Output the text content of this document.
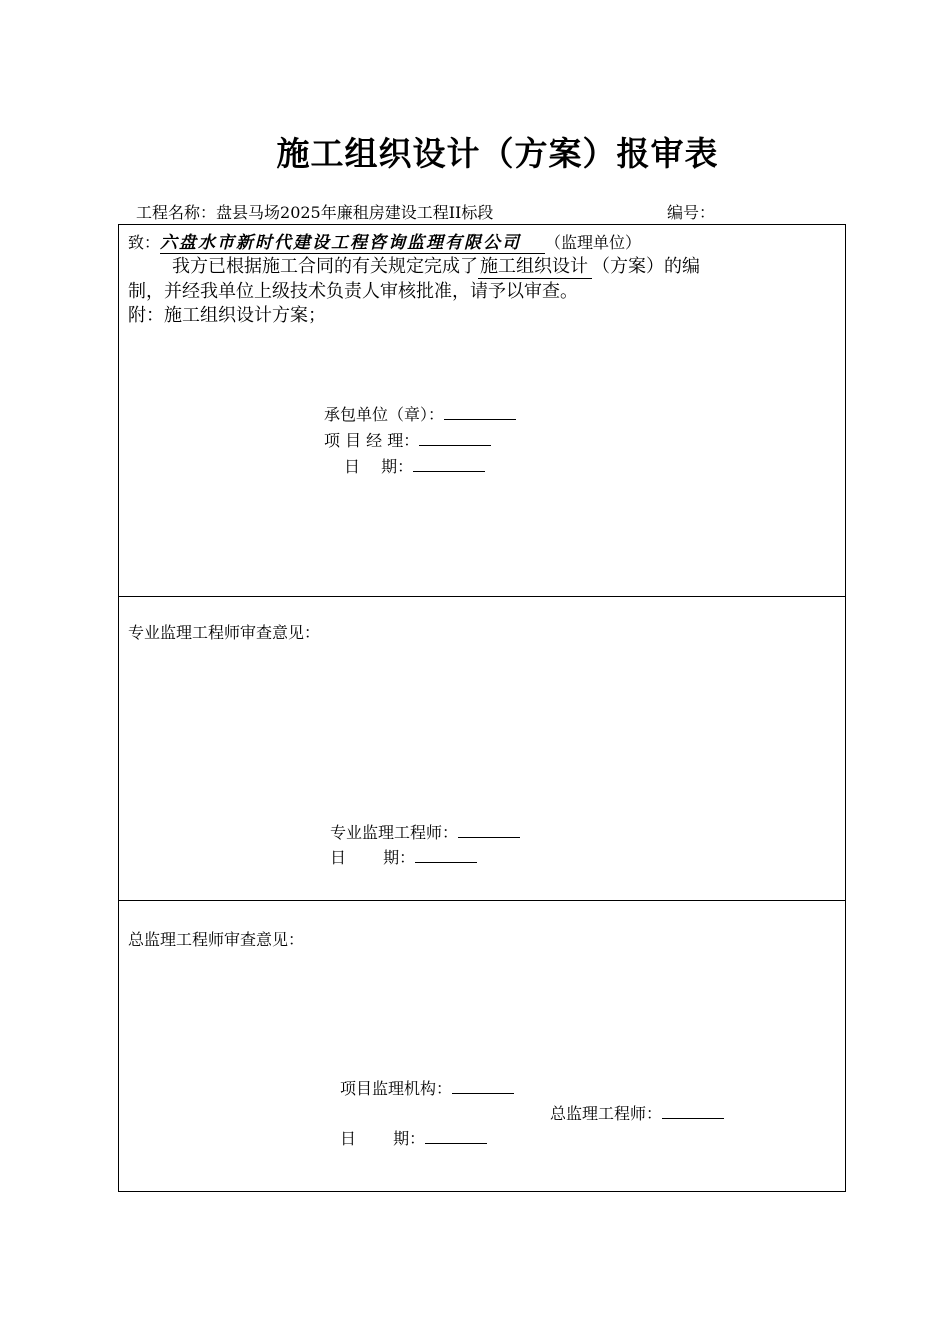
施工组织设计（方案）报审表
工程名称：盘县马场2025年廉租房建设工程II标段	编号：
致：六盘水市新时代建设工程咨询监理有限公司 （监理单位）
我方已根据施工合同的有关规定完成了 施工组织设计 （方案）的编
制，并经我单位上级技术负责人审核批准，请予以审查。
附：施工组织设计方案；
承包单位（章）：
项 目 经 理：
日　 期：
专业监理工程师审查意见：
专业监理工程师：
日　　 期：
总监理工程师审查意见：
项目监理机构：
总监理工程师：
日　　 期：
